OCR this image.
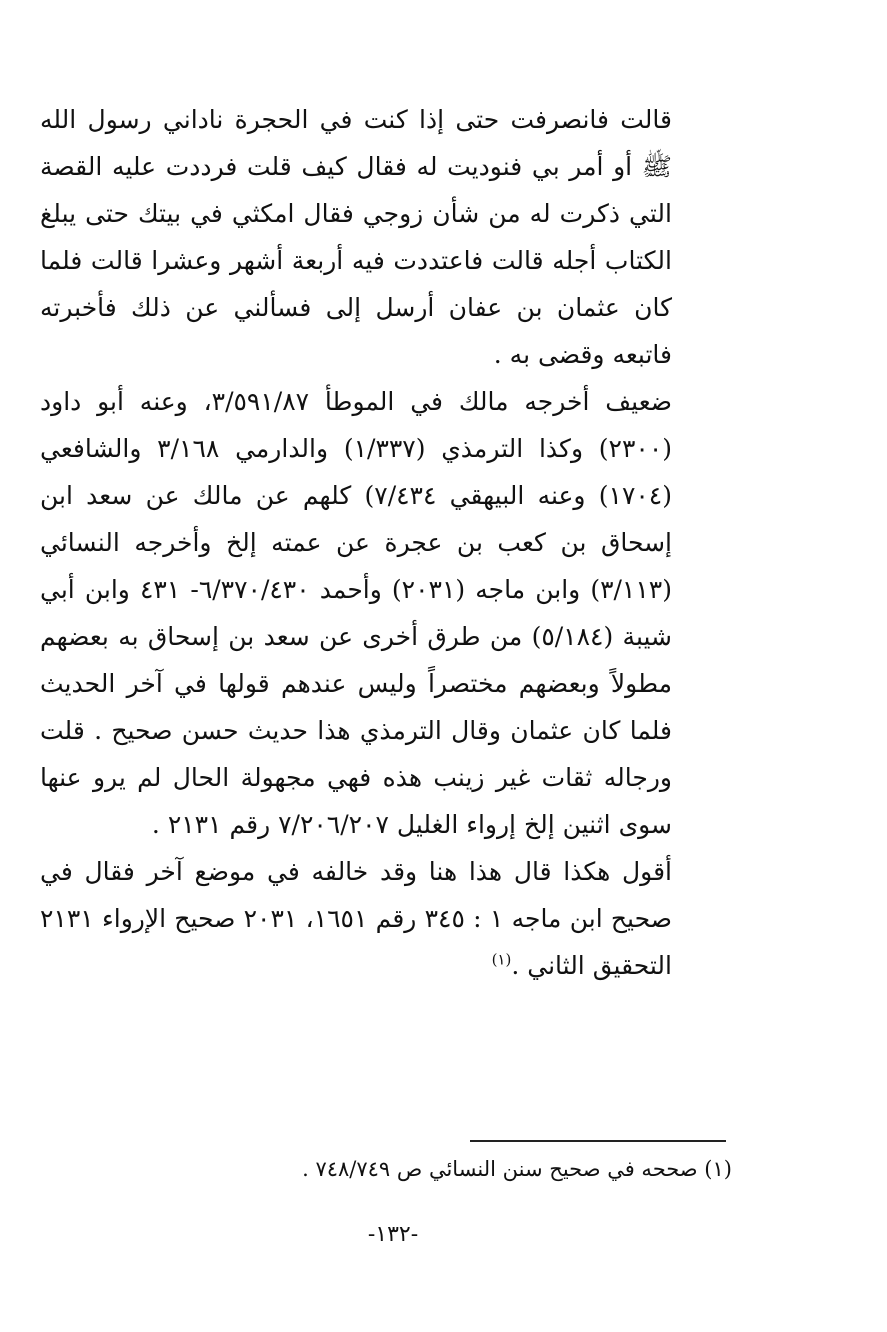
قالت فانصرفت حتى إذا كنت في الحجرة ناداني رسول الله ﷺ أو أمر بي فنوديت له فقال كيف قلت فرددت عليه القصة التي ذكرت له من شأن زوجي فقال امكثي في بيتك حتى يبلغ الكتاب أجله قالت فاعتددت فيه أربعة أشهر وعشرا قالت فلما كان عثمان بن عفان أرسل إلى فسألني عن ذلك فأخبرته فاتبعه وقضى به .

ضعيف أخرجه مالك في الموطأ ٣/٥٩١/٨٧، وعنه أبو داود (٢٣٠٠) وكذا الترمذي (١/٣٣٧) والدارمي ٣/١٦٨ والشافعي (١٧٠٤) وعنه البيهقي ٧/٤٣٤) كلهم عن مالك عن سعد ابن إسحاق بن كعب بن عجرة عن عمته إلخ وأخرجه النسائي (٣/١١٣) وابن ماجه (٢٠٣١) وأحمد ٦/٣٧٠/٤٣٠- ٤٣١ وابن أبي شيبة (٥/١٨٤) من طرق أخرى عن سعد بن إسحاق به بعضهم مطولاً وبعضهم مختصراً وليس عندهم قولها في آخر الحديث فلما كان عثمان وقال الترمذي هذا حديث حسن صحيح . قلت ورجاله ثقات غير زينب هذه فهي مجهولة الحال لم يرو عنها سوى اثنين إلخ إرواء الغليل ٧/٢٠٦/٢٠٧ رقم ٢١٣١ .

أقول هكذا قال هذا هنا وقد خالفه في موضع آخر فقال في صحيح ابن ماجه ١ : ٣٤٥ رقم ١٦٥١، ٢٠٣١ صحيح الإرواء ٢١٣١ التحقيق الثاني .$^{(١)}$

(١) صححه في صحيح سنن النسائي ص ٧٤٨/٧٤٩ .
-١٣٢-
